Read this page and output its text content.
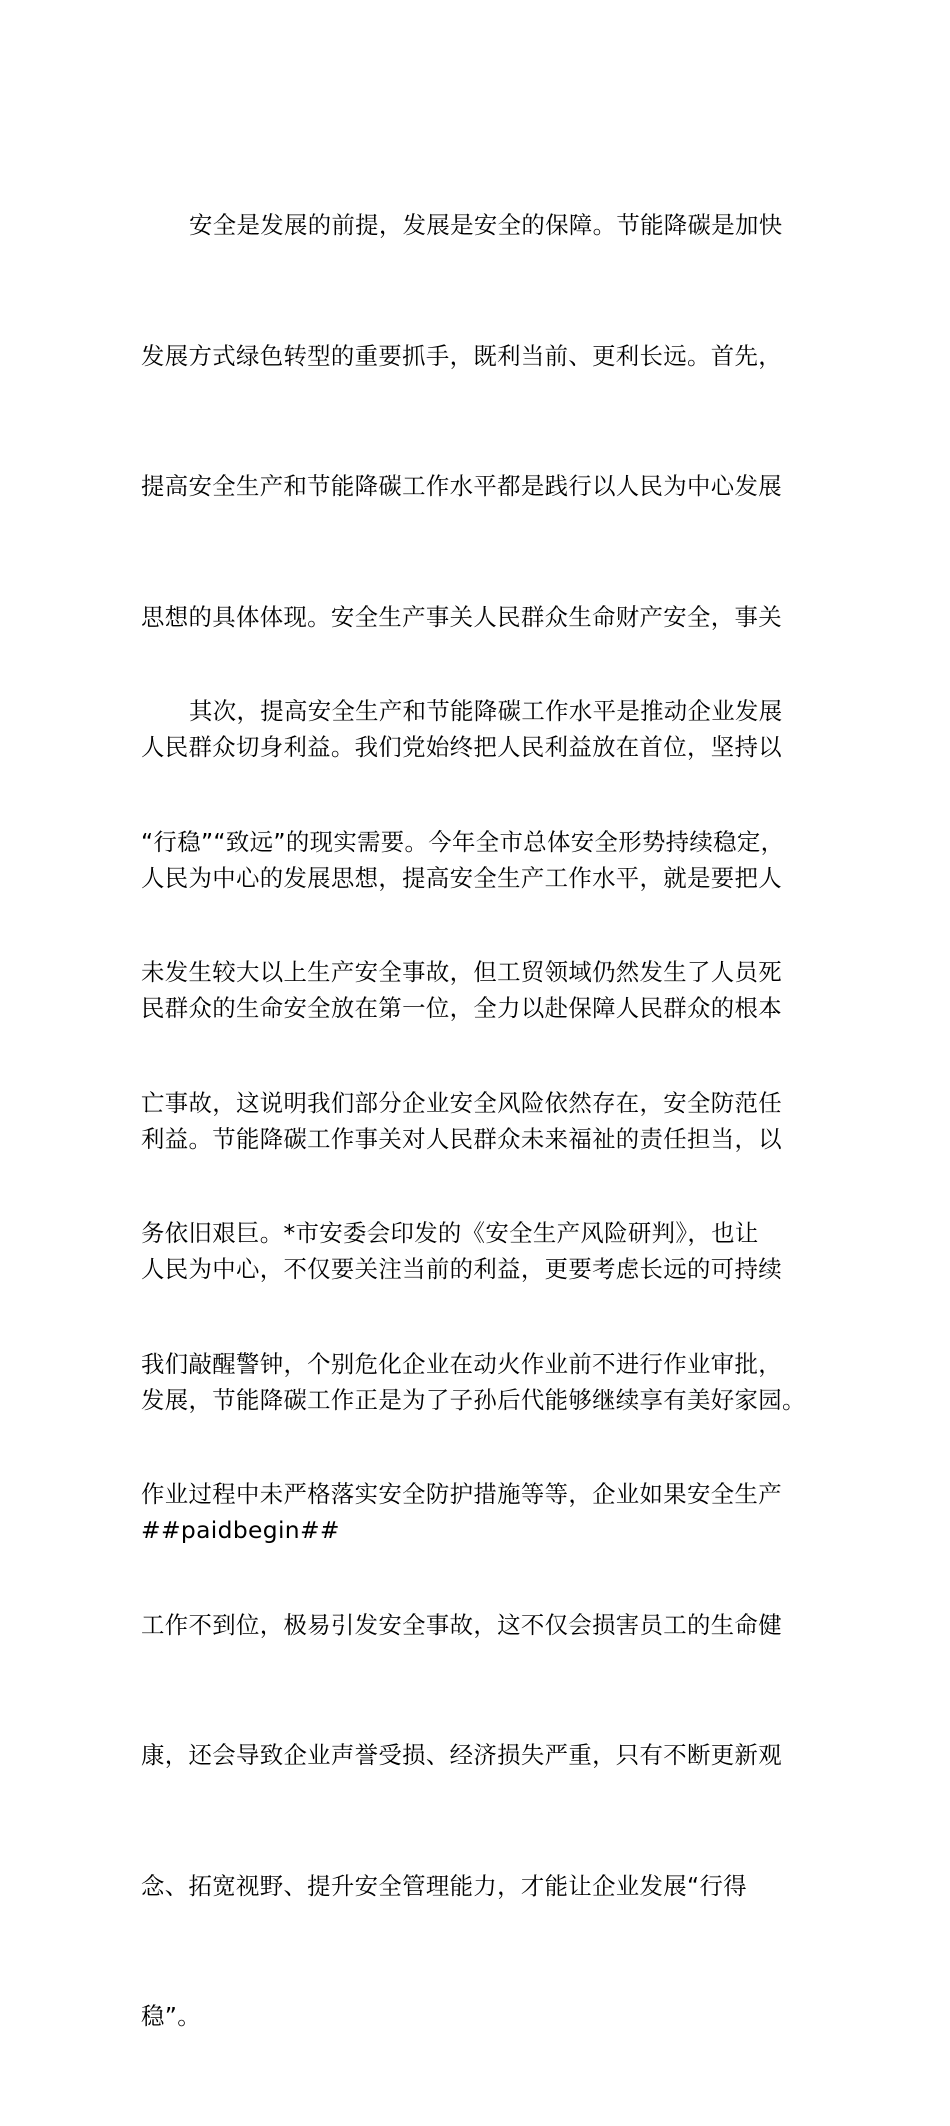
安全是发展的前提，发展是安全的保障。节能降碳是加快

发展方式绿色转型的重要抓手，既利当前、更利长远。首先，

提高安全生产和节能降碳工作水平都是践行以人民为中心发展

思想的具体体现。安全生产事关人民群众生命财产安全，事关

人民群众切身利益。我们党始终把人民利益放在首位，坚持以

人民为中心的发展思想，提高安全生产工作水平，就是要把人

民群众的生命安全放在第一位，全力以赴保障人民群众的根本

利益。节能降碳工作事关对人民群众未来福祉的责任担当，以

人民为中心，不仅要关注当前的利益，更要考虑长远的可持续

发展，节能降碳工作正是为了子孙后代能够继续享有美好家园。

##paidbegin##

其次，提高安全生产和节能降碳工作水平是推动企业发展

“行稳”“致远”的现实需要。今年全市总体安全形势持续稳定，

未发生较大以上生产安全事故，但工贸领域仍然发生了人员死

亡事故，这说明我们部分企业安全风险依然存在，安全防范任

务依旧艰巨。*市安委会印发的《安全生产风险研判》，也让

我们敲醒警钟，个别危化企业在动火作业前不进行作业审批，

作业过程中未严格落实安全防护措施等等，企业如果安全生产

工作不到位，极易引发安全事故，这不仅会损害员工的生命健

康，还会导致企业声誉受损、经济损失严重，只有不断更新观

念、拓宽视野、提升安全管理能力，才能让企业发展“行得

稳”。
